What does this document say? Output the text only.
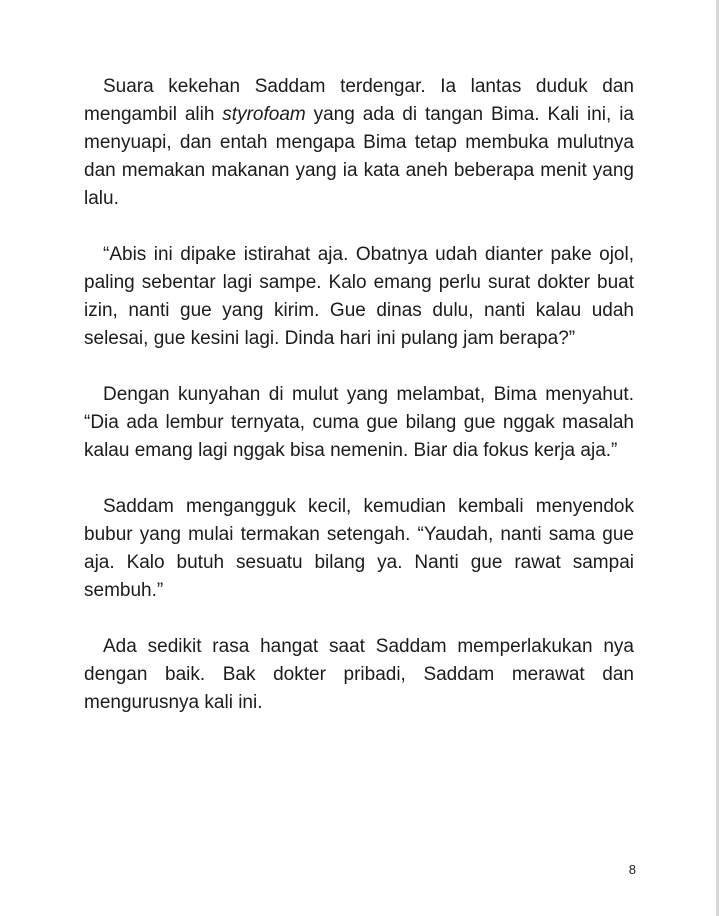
Suara kekehan Saddam terdengar. Ia lantas duduk dan mengambil alih styrofoam yang ada di tangan Bima. Kali ini, ia menyuapi, dan entah mengapa Bima tetap membuka mulutnya dan memakan makanan yang ia kata aneh beberapa menit yang lalu.

“Abis ini dipake istirahat aja. Obatnya udah dianter pake ojol, paling sebentar lagi sampe. Kalo emang perlu surat dokter buat izin, nanti gue yang kirim. Gue dinas dulu, nanti kalau udah selesai, gue kesini lagi. Dinda hari ini pulang jam berapa?”

Dengan kunyahan di mulut yang melambat, Bima menyahut. “Dia ada lembur ternyata, cuma gue bilang gue nggak masalah kalau emang lagi nggak bisa nemenin. Biar dia fokus kerja aja.”

Saddam mengangguk kecil, kemudian kembali menyendok bubur yang mulai termakan setengah. “Yaudah, nanti sama gue aja. Kalo butuh sesuatu bilang ya. Nanti gue rawat sampai sembuh.”

Ada sedikit rasa hangat saat Saddam memperlakukan nya dengan baik. Bak dokter pribadi, Saddam merawat dan mengurusnya kali ini.

8
